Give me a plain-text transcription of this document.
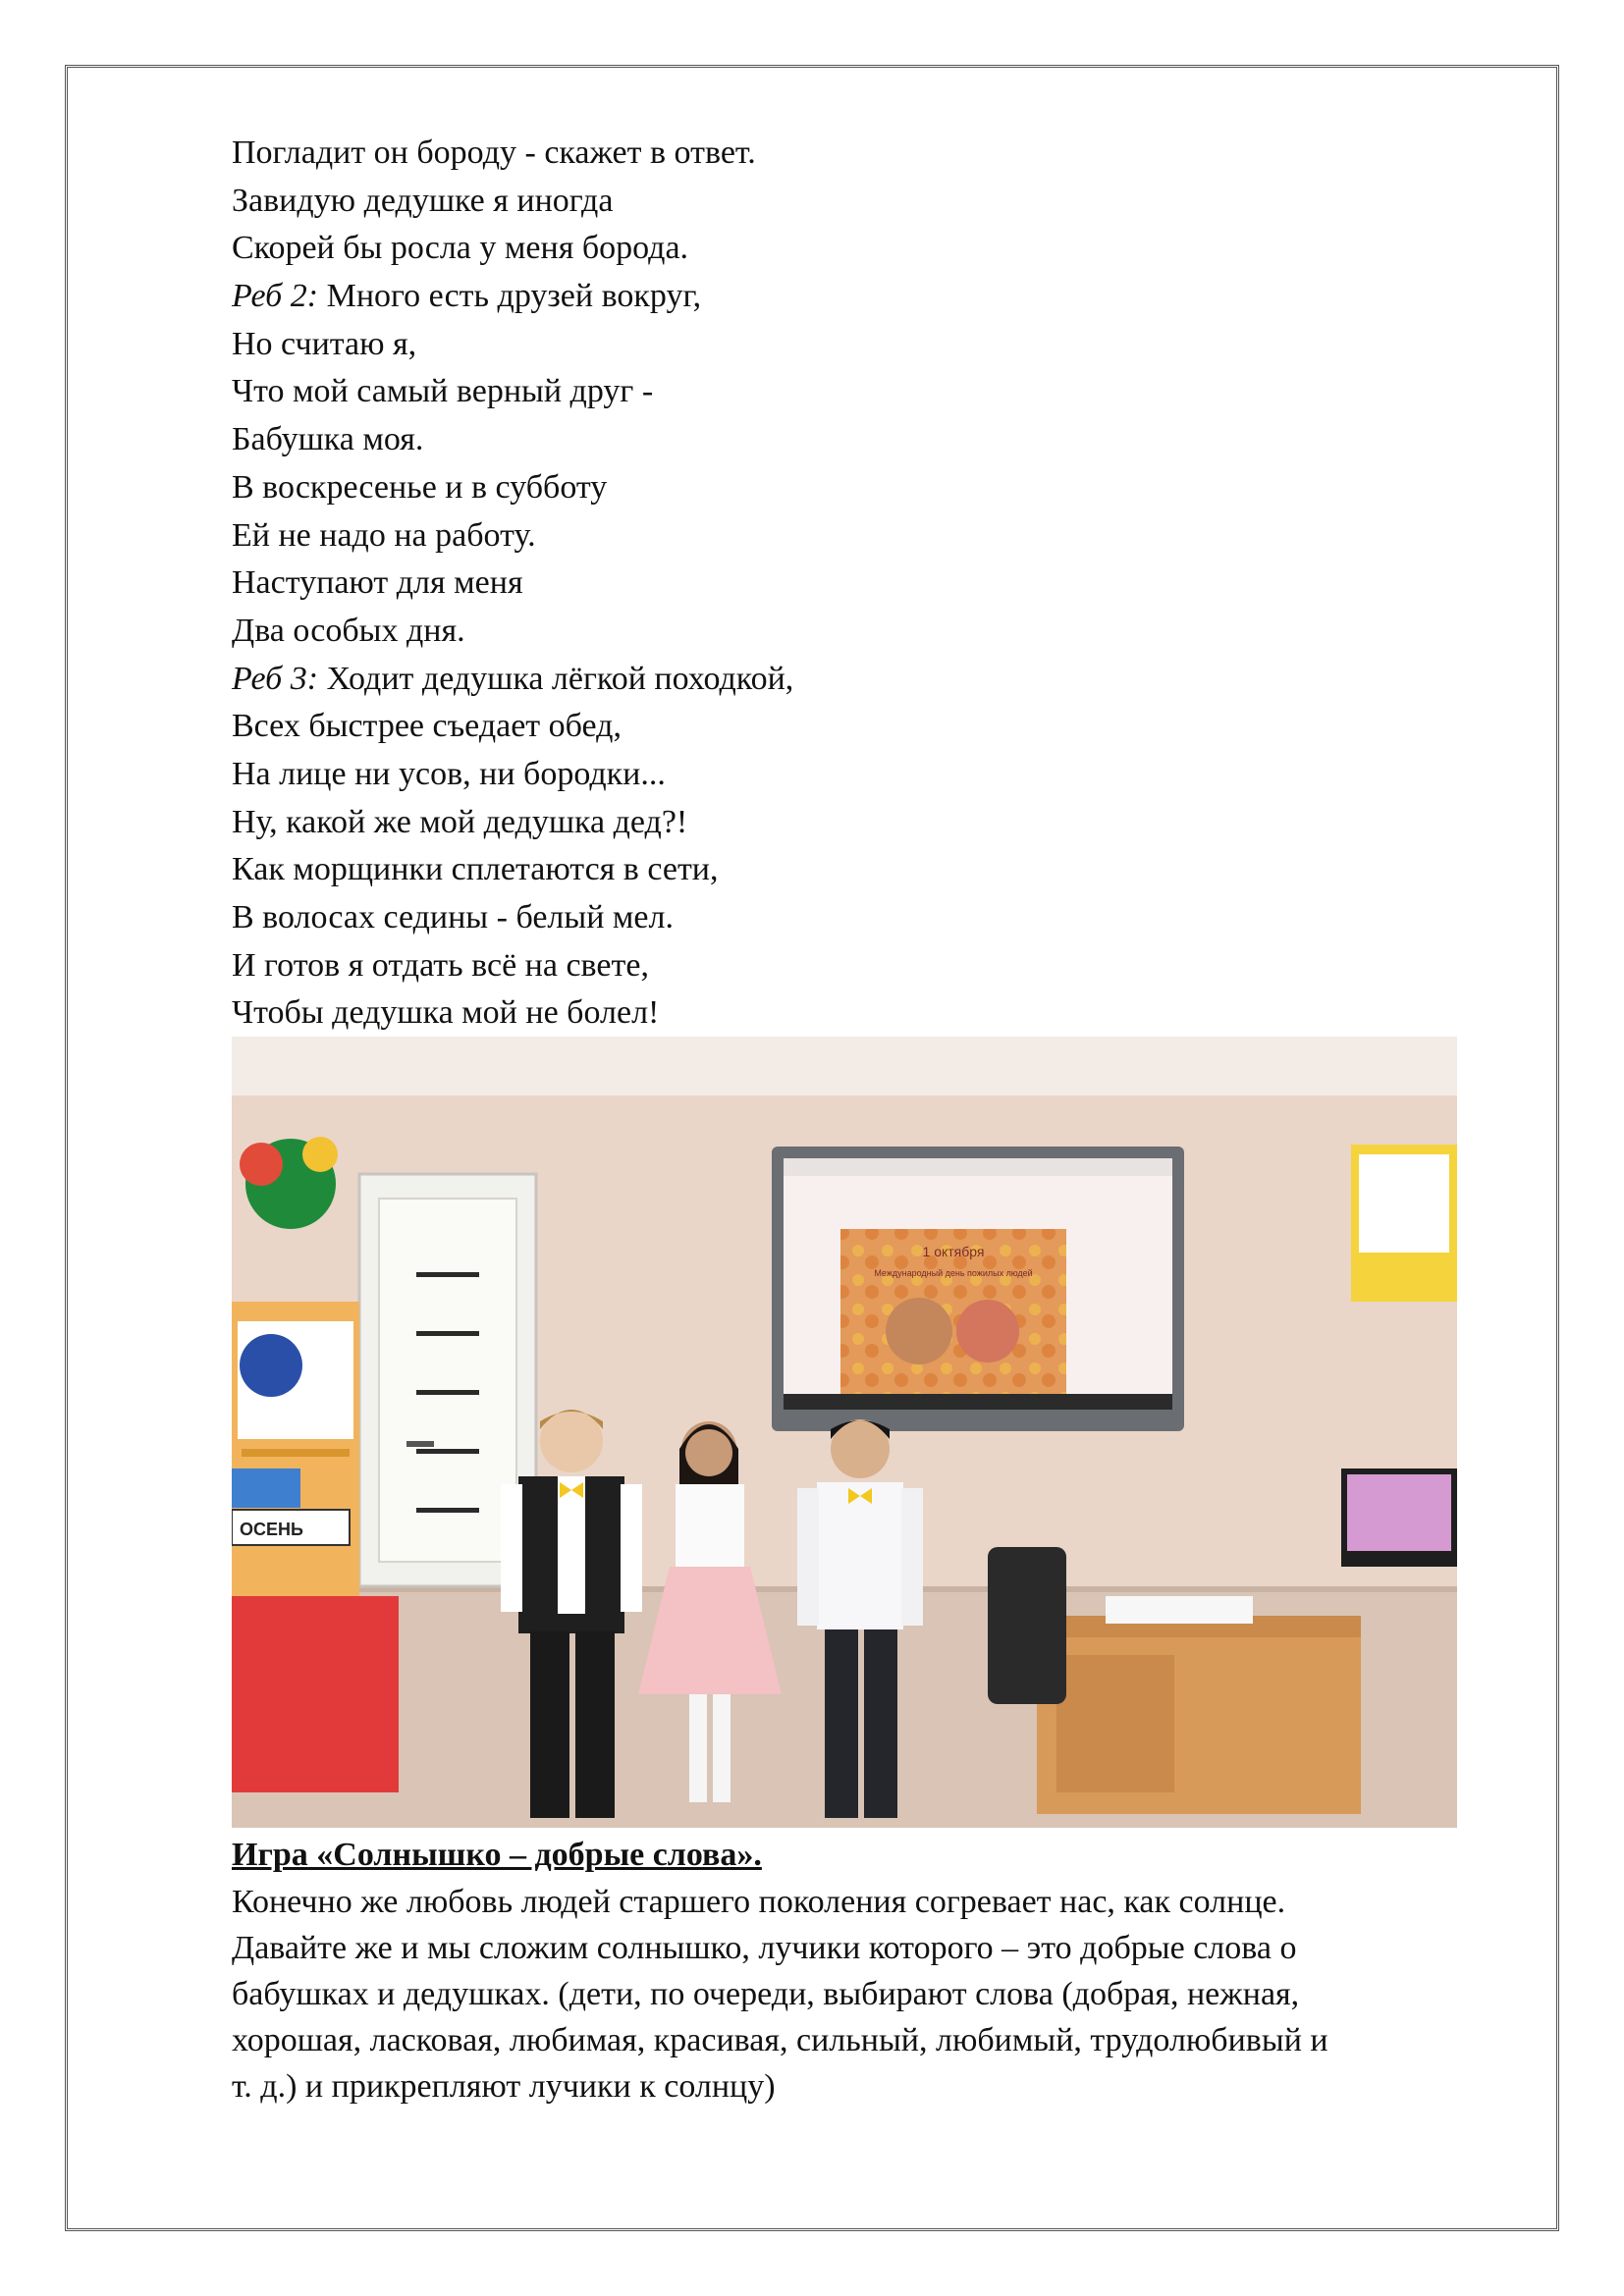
Погладит он бороду - скажет в ответ.
Завидую дедушке я иногда
Скорей бы росла у меня борода.
Реб 2: Много есть друзей вокруг,
Но считаю я,
Что мой самый верный друг -
Бабушка моя.
В воскресенье и в субботу
Ей не надо на работу.
Наступают для меня
Два особых дня.
Реб 3: Ходит дедушка лёгкой походкой,
Всех быстрее съедает обед,
На лице ни усов, ни бородки...
Ну, какой же мой дедушка дед?!
Как морщинки сплетаются в сети,
В волосах седины - белый мел.
И готов я отдать всё на свете,
Чтобы дедушка мой не болел!
ОСЕНЬ
1 октября
Международный день пожилых людей
Игра «Солнышко – добрые слова».
Конечно же любовь людей старшего поколения согревает нас, как солнце.
Давайте же и мы сложим солнышко, лучики которого – это добрые слова о
бабушках и дедушках. (дети, по очереди, выбирают слова (добрая, нежная,
хорошая, ласковая, любимая, красивая, сильный, любимый, трудолюбивый и
т. д.) и прикрепляют лучики к солнцу)
